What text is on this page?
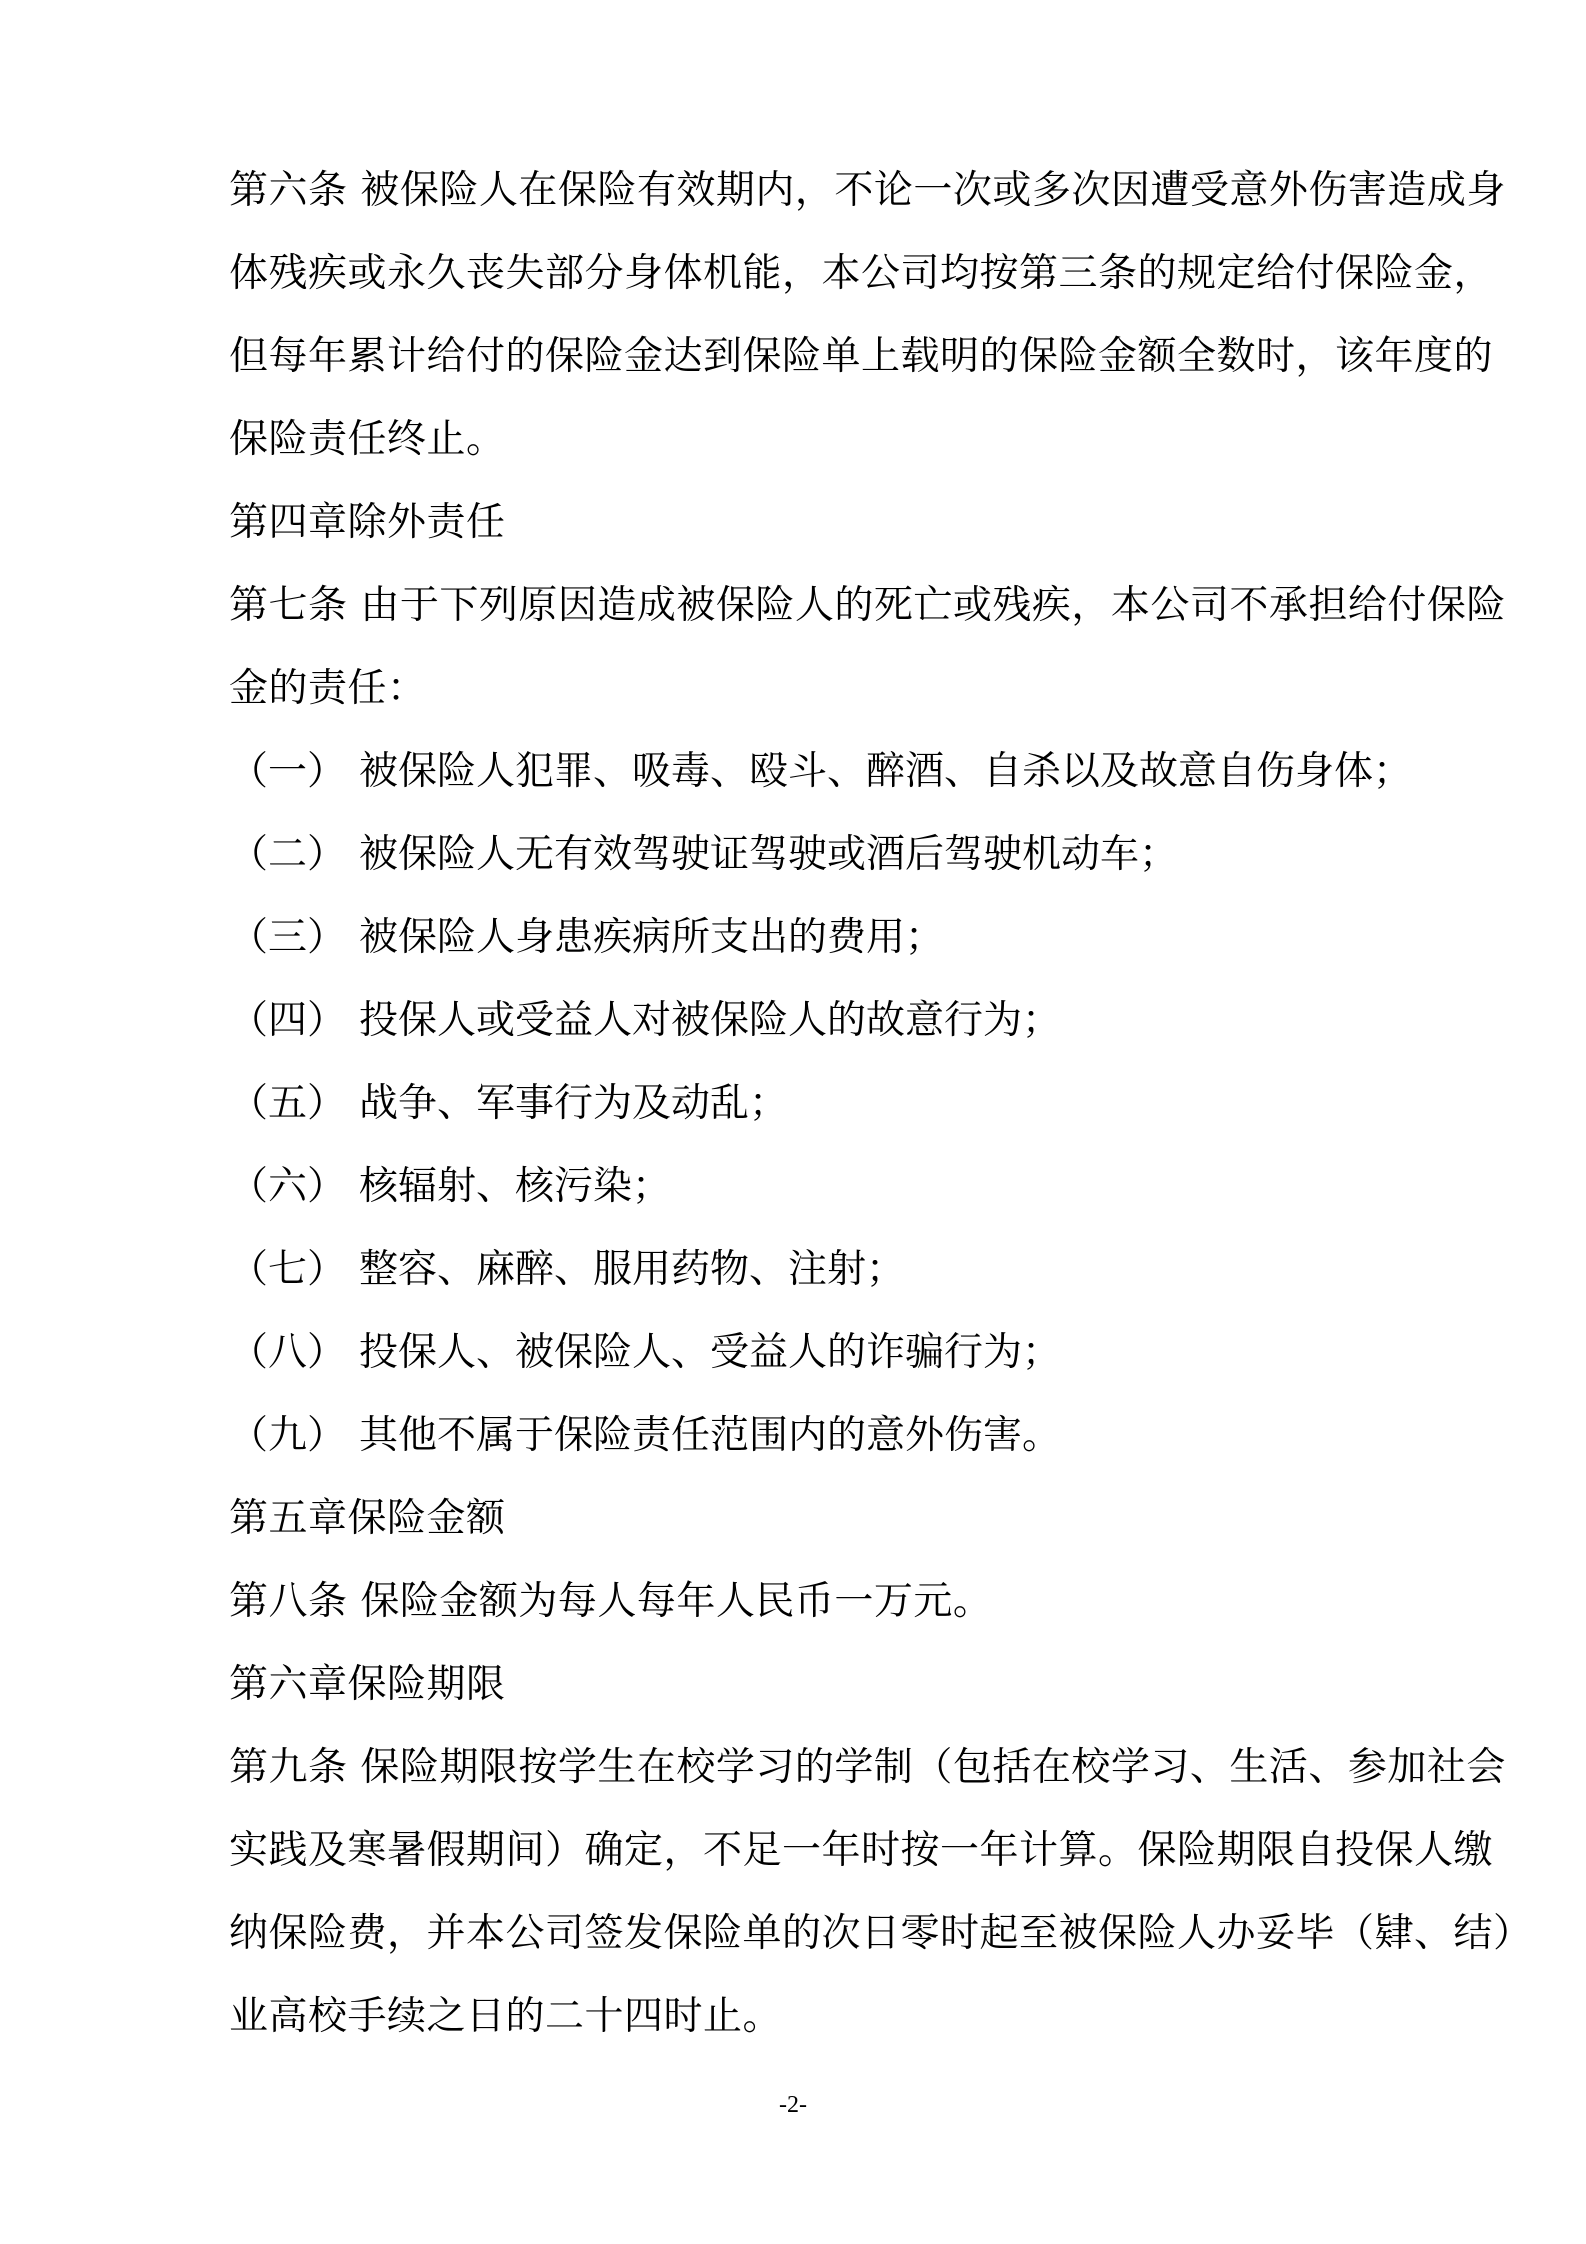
第六条 被保险人在保险有效期内，不论一次或多次因遭受意外伤害造成身
体残疾或永久丧失部分身体机能，本公司均按第三条的规定给付保险金，
但每年累计给付的保险金达到保险单上载明的保险金额全数时，该年度的
保险责任终止。
第四章除外责任
第七条 由于下列原因造成被保险人的死亡或残疾，本公司不承担给付保险
金的责任：
（一） 被保险人犯罪、吸毒、殴斗、醉酒、自杀以及故意自伤身体；
（二） 被保险人无有效驾驶证驾驶或酒后驾驶机动车；
（三） 被保险人身患疾病所支出的费用；
（四） 投保人或受益人对被保险人的故意行为；
（五） 战争、军事行为及动乱；
（六） 核辐射、核污染；
（七） 整容、麻醉、服用药物、注射；
（八） 投保人、被保险人、受益人的诈骗行为；
（九） 其他不属于保险责任范围内的意外伤害。
第五章保险金额
第八条 保险金额为每人每年人民币一万元。
第六章保险期限
第九条 保险期限按学生在校学习的学制（包括在校学习、生活、参加社会
实践及寒暑假期间）确定，不足一年时按一年计算。保险期限自投保人缴
纳保险费，并本公司签发保险单的次日零时起至被保险人办妥毕（肄、结）
业高校手续之日的二十四时止。
-2-
